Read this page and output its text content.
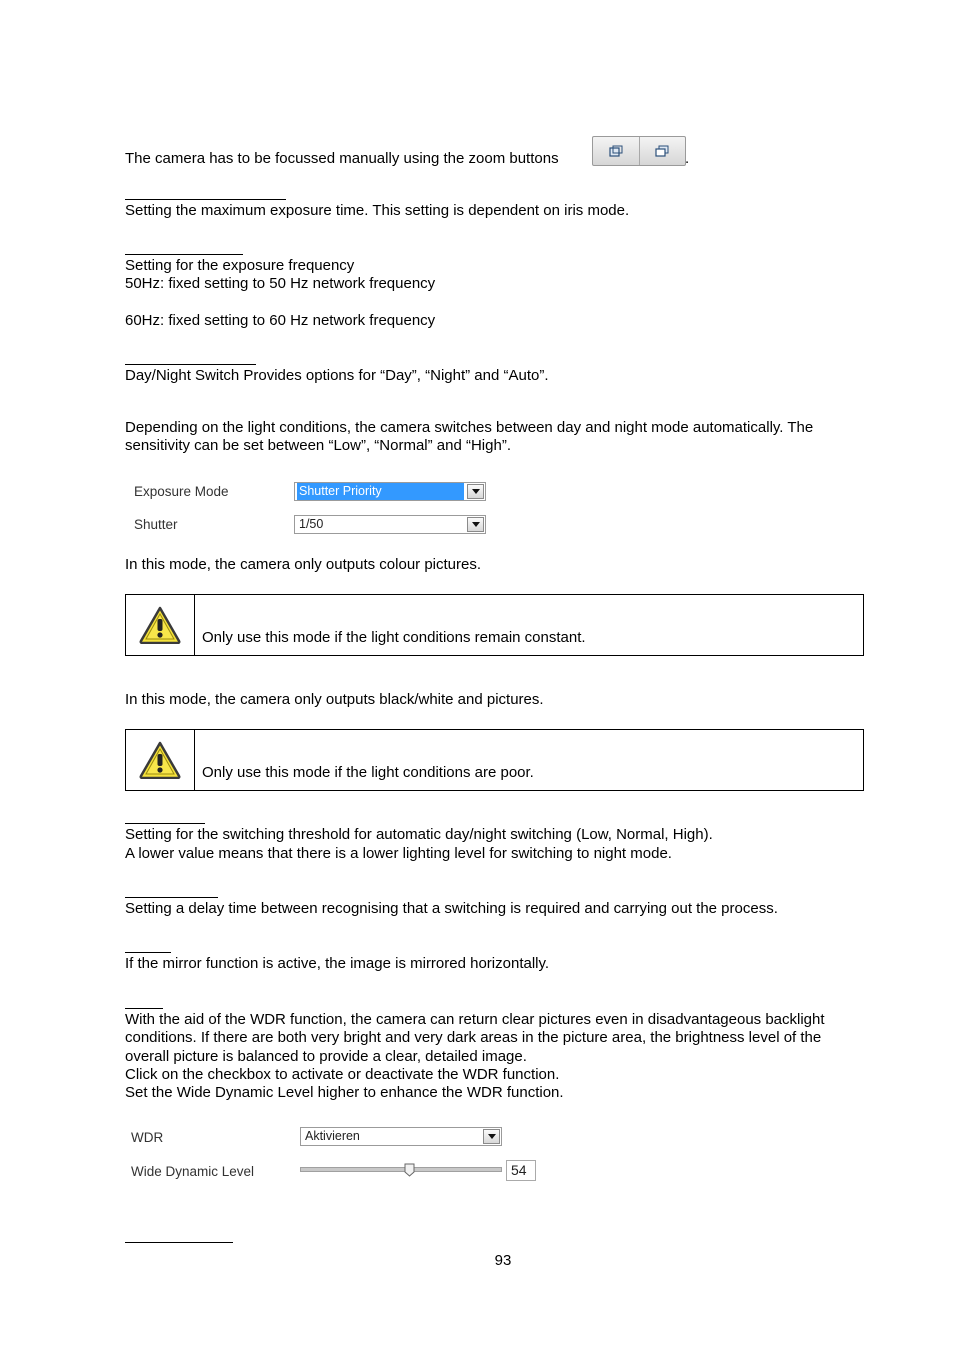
The camera has to be focussed manually using the zoom buttons	.
Setting the maximum exposure time. This setting is dependent on iris mode.
Setting for the exposure frequency
50Hz: fixed setting to 50 Hz network frequency
60Hz: fixed setting to 60 Hz network frequency
Day/Night Switch Provides options for “Day”, “Night” and “Auto”.
Depending on the light conditions, the camera switches between day and night mode automatically. The
sensitivity can be set between “Low”, “Normal” and “High”.
Exposure Mode	Shutter Priority
Shutter	1/50
In this mode, the camera only outputs colour pictures.
Only use this mode if the light conditions remain constant.
In this mode, the camera only outputs black/white and pictures.
Only use this mode if the light conditions are poor.
Setting for the switching threshold for automatic day/night switching (Low, Normal, High).
A lower value means that there is a lower lighting level for switching to night mode.
Setting a delay time between recognising that a switching is required and carrying out the process.
If the mirror function is active, the image is mirrored horizontally.
With the aid of the WDR function, the camera can return clear pictures even in disadvantageous backlight
conditions. If there are both very bright and very dark areas in the picture area, the brightness level of the
overall picture is balanced to provide a clear, detailed image.
Click on the checkbox to activate or deactivate the WDR function.
Set the Wide Dynamic Level higher to enhance the WDR function.
WDR	Aktivieren
Wide Dynamic Level	54
93
